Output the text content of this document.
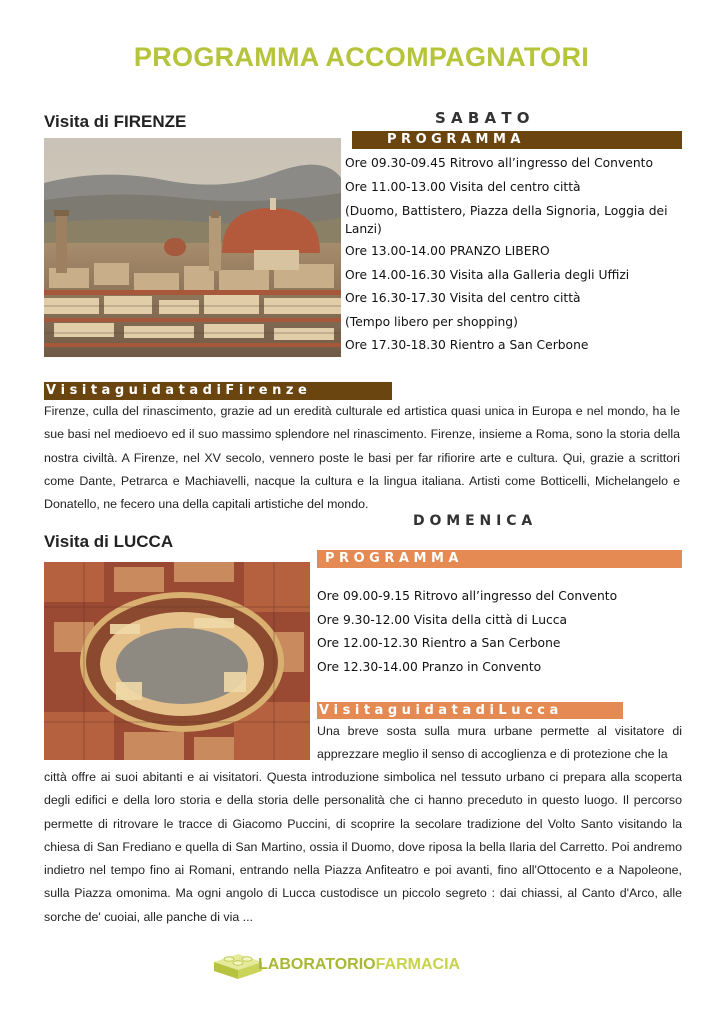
PROGRAMMA ACCOMPAGNATORI
Visita di FIRENZE	S A B A T O
P R O G R A M M A
Ore 09.30-09.45 Ritrovo all’ingresso del Convento
Ore 11.00-13.00 Visita del centro città
(Duomo, Battistero, Piazza della Signoria, Loggia dei Lanzi)
Ore 13.00-14.00 PRANZO LIBERO
Ore 14.00-16.30 Visita alla Galleria degli Uffizi
Ore 16.30-17.30 Visita del centro città
(Tempo libero per shopping)
Ore 17.30-18.30 Rientro a San Cerbone
V i s i t a g u i d a t a d i F i r e n z e
Firenze, culla del rinascimento, grazie ad un eredità culturale ed artistica quasi unica in Europa e nel mondo, ha le sue basi nel medioevo ed il suo massimo splendore nel rinascimento. Firenze, insieme a Roma, sono la storia della nostra civiltà. A Firenze, nel XV secolo, vennero poste le basi per far rifiorire arte e cultura. Qui, grazie a scrittori come Dante, Petrarca e Machiavelli, nacque la cultura e la lingua italiana. Artisti come Botticelli, Michelangelo e Donatello, ne fecero una della capitali artistiche del mondo.
D O M E N I C A
Visita di LUCCA
P R O G R A M M A
Ore 09.00-9.15 Ritrovo all’ingresso del Convento
Ore 9.30-12.00 Visita della città di Lucca
Ore 12.00-12.30 Rientro a San Cerbone
Ore 12.30-14.00 Pranzo in Convento
V i s i t a g u i d a t a d i L u c c a
Una breve sosta sulla mura urbane permette al visitatore di apprezzare meglio il senso di accoglienza e di protezione che la
città offre ai suoi abitanti e ai visitatori. Questa introduzione simbolica nel tessuto urbano ci prepara alla scoperta degli edifici e della loro storia e della storia delle personalità che ci hanno preceduto in questo luogo. Il percorso permette di ritrovare le tracce di Giacomo Puccini, di scoprire la secolare tradizione del Volto Santo visitando la chiesa di San Frediano e quella di San Martino, ossia il Duomo, dove riposa la bella Ilaria del Carretto. Poi andremo indietro nel tempo fino ai Romani, entrando nella Piazza Anfiteatro e poi avanti, fino all'Ottocento e a Napoleone, sulla Piazza omonima. Ma ogni angolo di Lucca custodisce un piccolo segreto : dai chiassi, al Canto d'Arco, alle sorche de' cuoiai, alle panche di via ...
LABORATORIOFARMACIA
